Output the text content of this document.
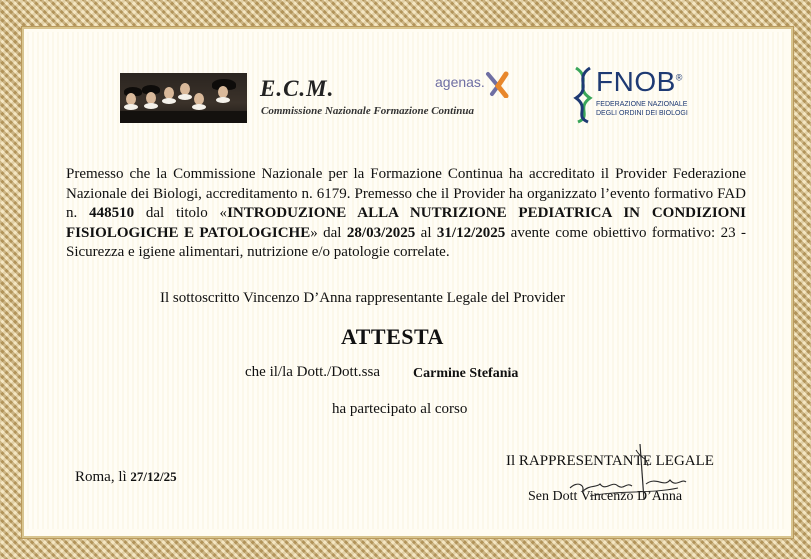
E.C.M.
Commissione Nazionale Formazione Continua
agenas.	FNOB®
FEDERAZIONE NAZIONALE
DEGLI ORDINI DEI BIOLOGI
Premesso che la Commissione Nazionale per la Formazione Continua ha accreditato il Provider Federazione Nazionale dei Biologi, accreditamento n. 6179. Premesso che il Provider ha organizzato l’evento formativo FAD n. 448510 dal titolo «INTRODUZIONE ALLA NUTRIZIONE PEDIATRICA IN CONDIZIONI FISIOLOGICHE E PATOLOGICHE» dal 28/03/2025 al 31/12/2025 avente come obiettivo formativo: 23 - Sicurezza e igiene alimentari, nutrizione e/o patologie correlate.
Il sottoscritto Vincenzo D’Anna rappresentante Legale del Provider
ATTESTA
che il/la Dott./Dott.ssa Carmine Stefania
ha partecipato al corso
Roma, lì 27/12/25
Il RAPPRESENTANTE LEGALE
Sen Dott Vincenzo D’Anna
